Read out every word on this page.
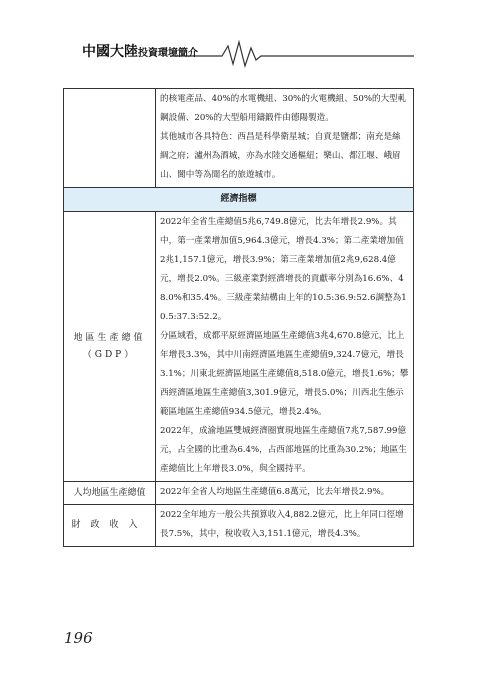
中國大陸投資環境簡介

	的核電產品、40%的水電機組、30%的火電機組、50%的大型軋鋼設備、20%的大型船用鑄鍛件由德陽製造。
其他城市各具特色：西昌是科學衛星城；自貢是鹽都；南充是絲綢之府；瀘州為酒城，亦為水陸交通樞紐；樂山、都江堰、峨眉山、閬中等為聞名的旅遊城市。

經濟指標	

地區生產總值
（GDP）	2022年全省生產總值5兆6,749.8億元，比去年增長2.9%。其中，第一產業增加值5,964.3億元，增長4.3%；第二產業增加值2兆1,157.1億元，增長3.9%；第三產業增加值2兆9,628.4億元，增長2.0%。三級產業對經濟增長的貢獻率分別為16.6%、48.0%和35.4%。三級產業結構由上年的10.5:36.9:52.6調整為10.5:37.3:52.2。
分區域看，成都平原經濟區地區生產總值3兆4,670.8億元，比上年增長3.3%，其中川南經濟區地區生產總值9,324.7億元，增長3.1%；川東北經濟區地區生產總值8,518.0億元，增長1.6%；攀西經濟區地區生產總值3,301.9億元，增長5.0%；川西北生態示範區地區生產總值934.5億元，增長2.4%。
2022年，成渝地區雙城經濟圈實現地區生產總值7兆7,587.99億元，占全國的比重為6.4%，占西部地區的比重為30.2%；地區生產總值比上年增長3.0%，與全國持平。

人均地區生產總值	2022年全省人均地區生產總值6.8萬元，比去年增長2.9%。
財政收入	2022全年地方一般公共預算收入4,882.2億元，比上年同口徑增長7.5%，其中，稅收收入3,151.1億元，增長4.3%。
196
